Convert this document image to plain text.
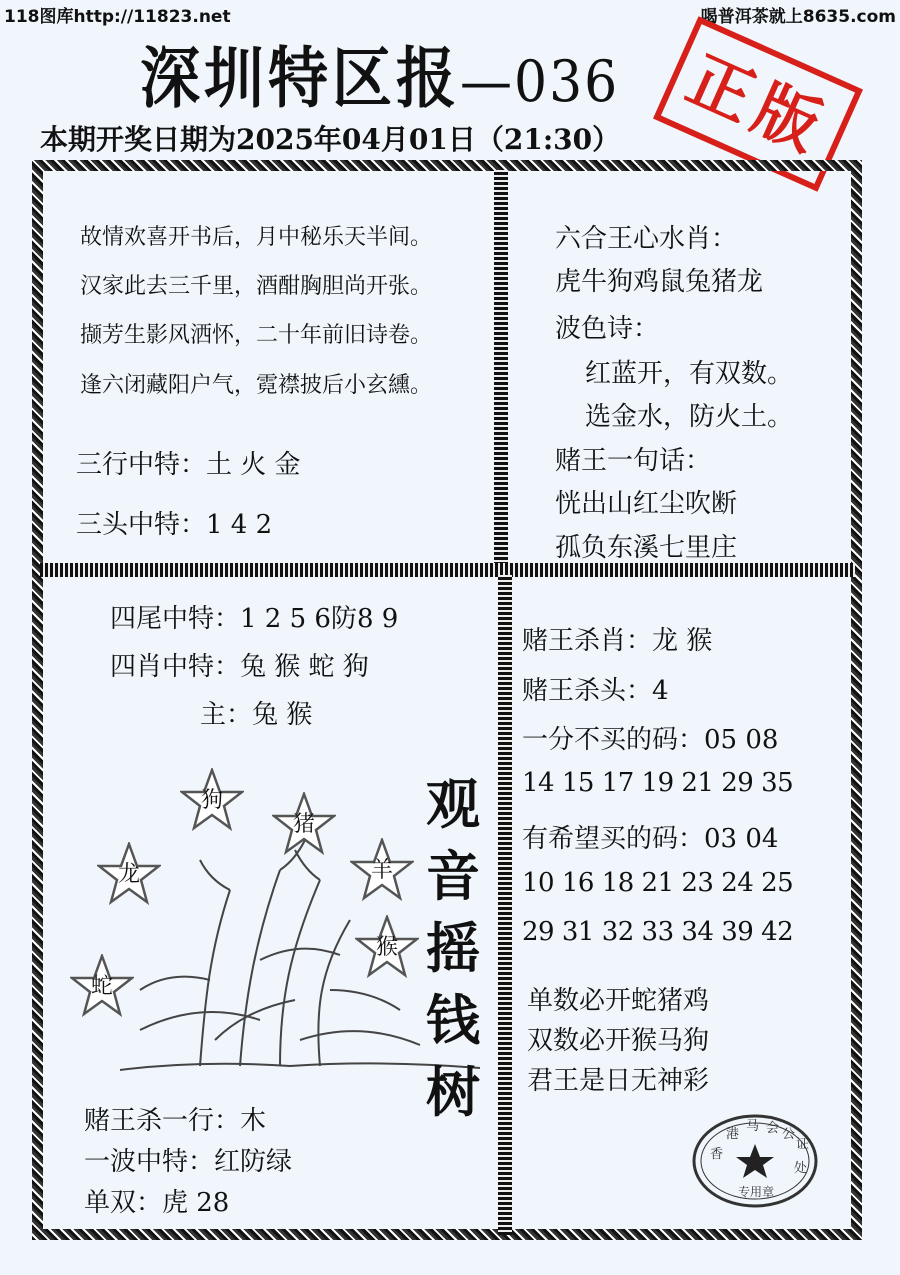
118图库http://11823.net	喝普洱茶就上8635.com
深圳特区报—036
本期开奖日期为2025年04月01日（21:30） 正版
故情欢喜开书后，月中秘乐天半间。
汉家此去三千里，酒酣胸胆尚开张。
撷芳生影风洒怀，二十年前旧诗卷。
逢六闭藏阳户气，霓襟披后小玄纁。
三行中特：土 火 金
三头中特：1 4 2
六合王心水肖：
虎牛狗鸡鼠兔猪龙
波色诗：
红蓝开，有双数。
选金水，防火土。
赌王一句话：
恍出山红尘吹断
孤负东溪七里庄
四尾中特：1 2 5 6防8 9
四肖中特：兔 猴 蛇 狗
主：兔 猴
狗
猪
龙	羊
猴
蛇
观
音
摇
钱
树
赌王杀一行：木
一波中特：红防绿
单双：虎 28
赌王杀肖：龙 猴
赌王杀头：4
一分不买的码：05 08
14 15 17 19 21 29 35
有希望买的码：03 04
10 16 18 21 23 24 25
29 31 32 33 34 39 42
单数必开蛇猪鸡
双数必开猴马狗
君王是日无神彩
香
港
马 会 公
证
处
专用章
